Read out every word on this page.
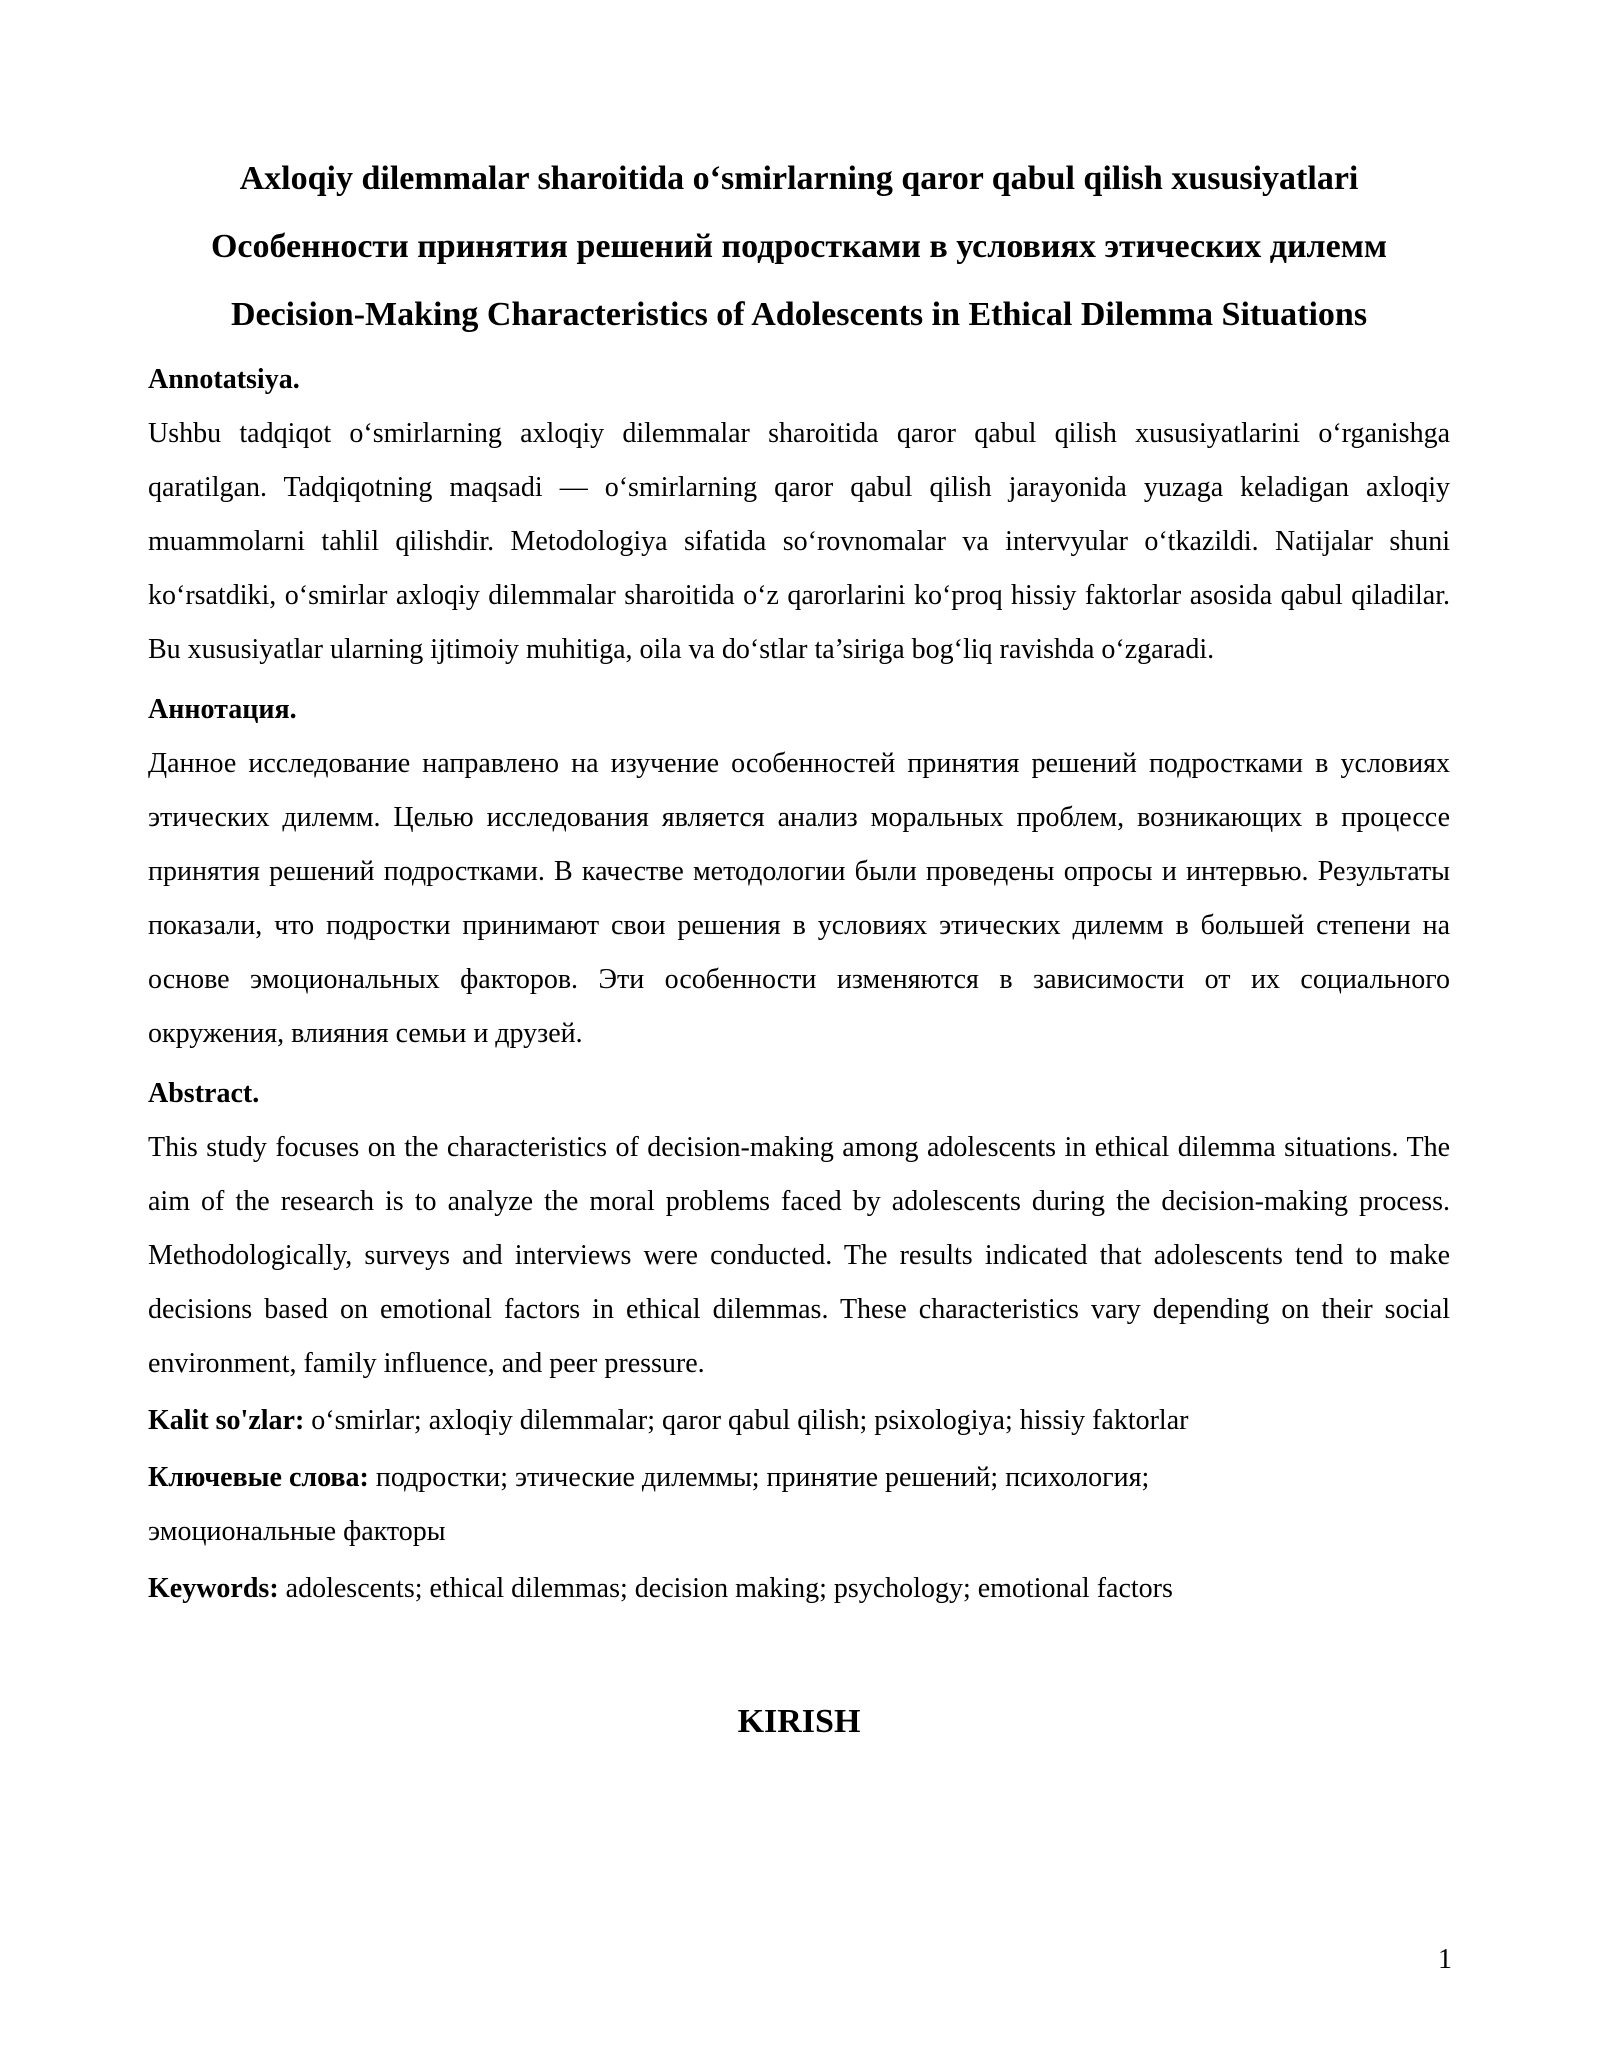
Axloqiy dilemmalar sharoitida o‘smirlarning qaror qabul qilish xususiyatlari
Особенности принятия решений подростками в условиях этических дилемм
Decision-Making Characteristics of Adolescents in Ethical Dilemma Situations

Annotatsiya.

Ushbu tadqiqot o‘smirlarning axloqiy dilemmalar sharoitida qaror qabul qilish xususiyatlarini o‘rganishga qaratilgan. Tadqiqotning maqsadi — o‘smirlarning qaror qabul qilish jarayonida yuzaga keladigan axloqiy muammolarni tahlil qilishdir. Metodologiya sifatida so‘rovnomalar va intervyular o‘tkazildi. Natijalar shuni ko‘rsatdiki, o‘smirlar axloqiy dilemmalar sharoitida o‘z qarorlarini ko‘proq hissiy faktorlar asosida qabul qiladilar. Bu xususiyatlar ularning ijtimoiy muhitiga, oila va do‘stlar ta’siriga bog‘liq ravishda o‘zgaradi.

Аннотация.

Данное исследование направлено на изучение особенностей принятия решений подростками в условиях этических дилемм. Целью исследования является анализ моральных проблем, возникающих в процессе принятия решений подростками. В качестве методологии были проведены опросы и интервью. Результаты показали, что подростки принимают свои решения в условиях этических дилемм в большей степени на основе эмоциональных факторов. Эти особенности изменяются в зависимости от их социального окружения, влияния семьи и друзей.

Abstract.

This study focuses on the characteristics of decision-making among adolescents in ethical dilemma situations. The aim of the research is to analyze the moral problems faced by adolescents during the decision-making process. Methodologically, surveys and interviews were conducted. The results indicated that adolescents tend to make decisions based on emotional factors in ethical dilemmas. These characteristics vary depending on their social environment, family influence, and peer pressure.

Kalit so'zlar: o‘smirlar; axloqiy dilemmalar; qaror qabul qilish; psixologiya; hissiy faktorlar

Ключевые слова: подростки; этические дилеммы; принятие решений; психология;

эмоциональные факторы

Keywords: adolescents; ethical dilemmas; decision making; psychology; emotional factors

KIRISH
1
